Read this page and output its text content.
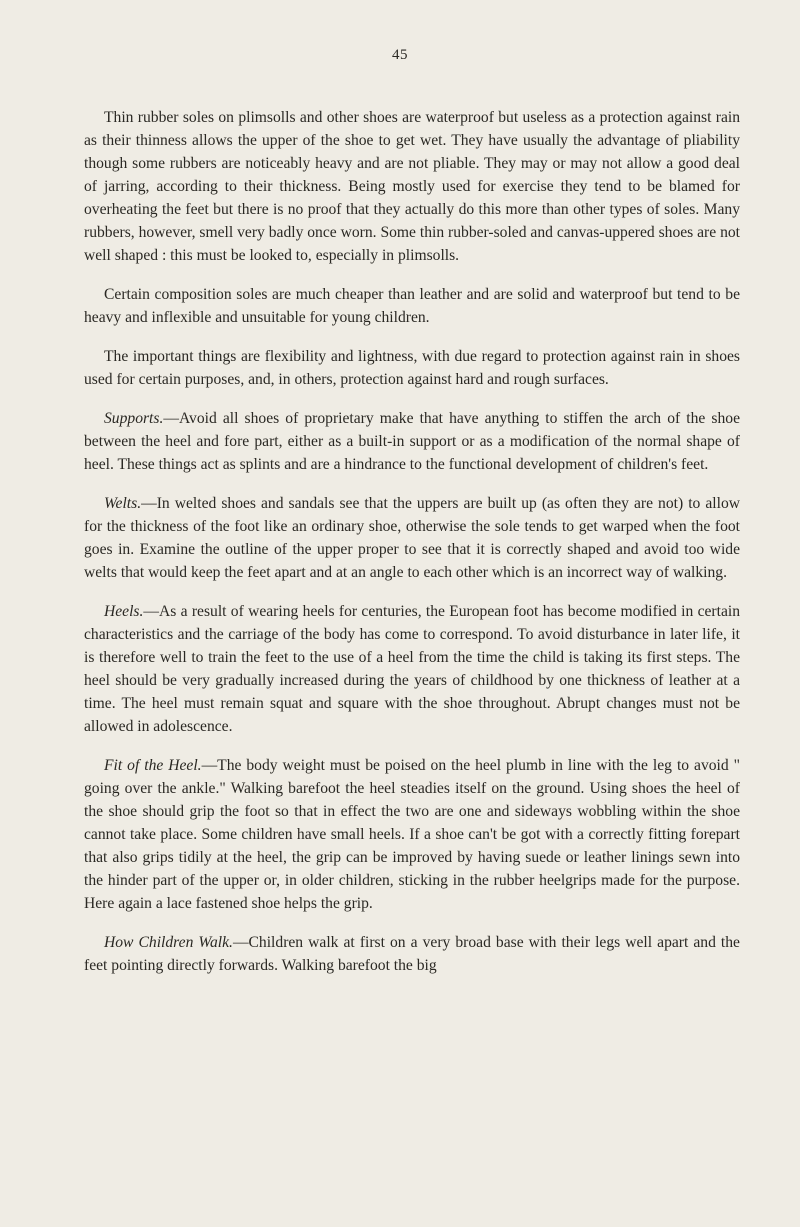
45

Thin rubber soles on plimsolls and other shoes are waterproof but useless as a protection against rain as their thinness allows the upper of the shoe to get wet. They have usually the advantage of pliability though some rubbers are noticeably heavy and are not pliable. They may or may not allow a good deal of jarring, according to their thickness. Being mostly used for exercise they tend to be blamed for overheating the feet but there is no proof that they actually do this more than other types of soles. Many rubbers, however, smell very badly once worn. Some thin rubber-soled and canvas-uppered shoes are not well shaped : this must be looked to, especially in plimsolls.

Certain composition soles are much cheaper than leather and are solid and waterproof but tend to be heavy and inflexible and unsuitable for young children.

The important things are flexibility and lightness, with due regard to protection against rain in shoes used for certain purposes, and, in others, protection against hard and rough surfaces.

Supports.—Avoid all shoes of proprietary make that have anything to stiffen the arch of the shoe between the heel and fore part, either as a built-in support or as a modification of the normal shape of heel. These things act as splints and are a hindrance to the functional development of children's feet.

Welts.—In welted shoes and sandals see that the uppers are built up (as often they are not) to allow for the thickness of the foot like an ordinary shoe, otherwise the sole tends to get warped when the foot goes in. Examine the outline of the upper proper to see that it is correctly shaped and avoid too wide welts that would keep the feet apart and at an angle to each other which is an incorrect way of walking.

Heels.—As a result of wearing heels for centuries, the European foot has become modified in certain characteristics and the carriage of the body has come to correspond. To avoid disturbance in later life, it is therefore well to train the feet to the use of a heel from the time the child is taking its first steps. The heel should be very gradually increased during the years of childhood by one thickness of leather at a time. The heel must remain squat and square with the shoe throughout. Abrupt changes must not be allowed in adolescence.

Fit of the Heel.—The body weight must be poised on the heel plumb in line with the leg to avoid " going over the ankle." Walking barefoot the heel steadies itself on the ground. Using shoes the heel of the shoe should grip the foot so that in effect the two are one and sideways wobbling within the shoe cannot take place. Some children have small heels. If a shoe can't be got with a correctly fitting forepart that also grips tidily at the heel, the grip can be improved by having suede or leather linings sewn into the hinder part of the upper or, in older children, sticking in the rubber heelgrips made for the purpose. Here again a lace fastened shoe helps the grip.

How Children Walk.—Children walk at first on a very broad base with their legs well apart and the feet pointing directly forwards. Walking barefoot the big
